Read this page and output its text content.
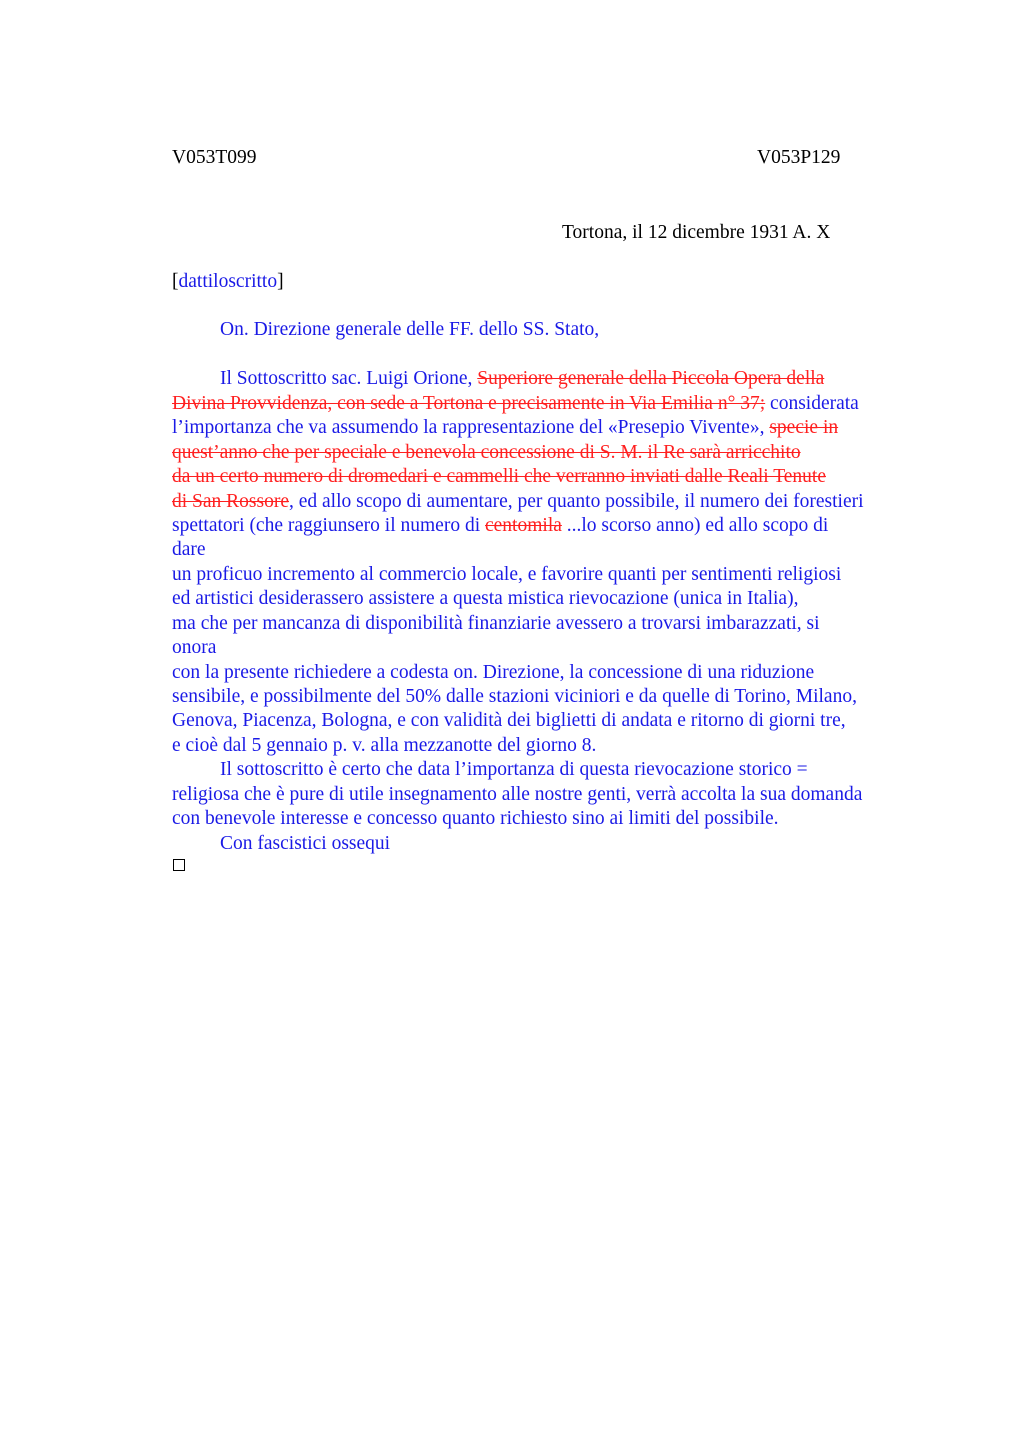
V053T099	V053P129
Tortona, il 12 dicembre 1931 A. X
[dattiloscritto]
On. Direzione generale delle FF. dello SS. Stato,
Il Sottoscritto sac. Luigi Orione, Superiore generale della Piccola Opera della
Divina Provvidenza, con sede a Tortona e precisamente in Via Emilia n° 37; considerata
l’importanza che va assumendo la rappresentazione del «Presepio Vivente», specie in
quest’anno che per speciale e benevola concessione di S. M. il Re sarà arricchito
da un certo numero di dromedari e cammelli che verranno inviati dalle Reali Tenute
di San Rossore, ed allo scopo di aumentare, per quanto possibile, il numero dei forestieri
spettatori (che raggiunsero il numero di centomila ...lo scorso anno) ed allo scopo di
dare
un proficuo incremento al commercio locale, e favorire quanti per sentimenti religiosi
ed artistici desiderassero assistere a questa mistica rievocazione (unica in Italia),
ma che per mancanza di disponibilità finanziarie avessero a trovarsi imbarazzati, si
onora
con la presente richiedere a codesta on. Direzione, la concessione di una riduzione
sensibile, e possibilmente del 50% dalle stazioni viciniori e da quelle di Torino, Milano,
Genova, Piacenza, Bologna, e con validità dei biglietti di andata e ritorno di giorni tre,
e cioè dal 5 gennaio p. v. alla mezzanotte del giorno 8.
Il sottoscritto è certo che data l’importanza di questa rievocazione storico =
religiosa che è pure di utile insegnamento alle nostre genti, verrà accolta la sua domanda
con benevole interesse e concesso quanto richiesto sino ai limiti del possibile.
Con fascistici ossequi
